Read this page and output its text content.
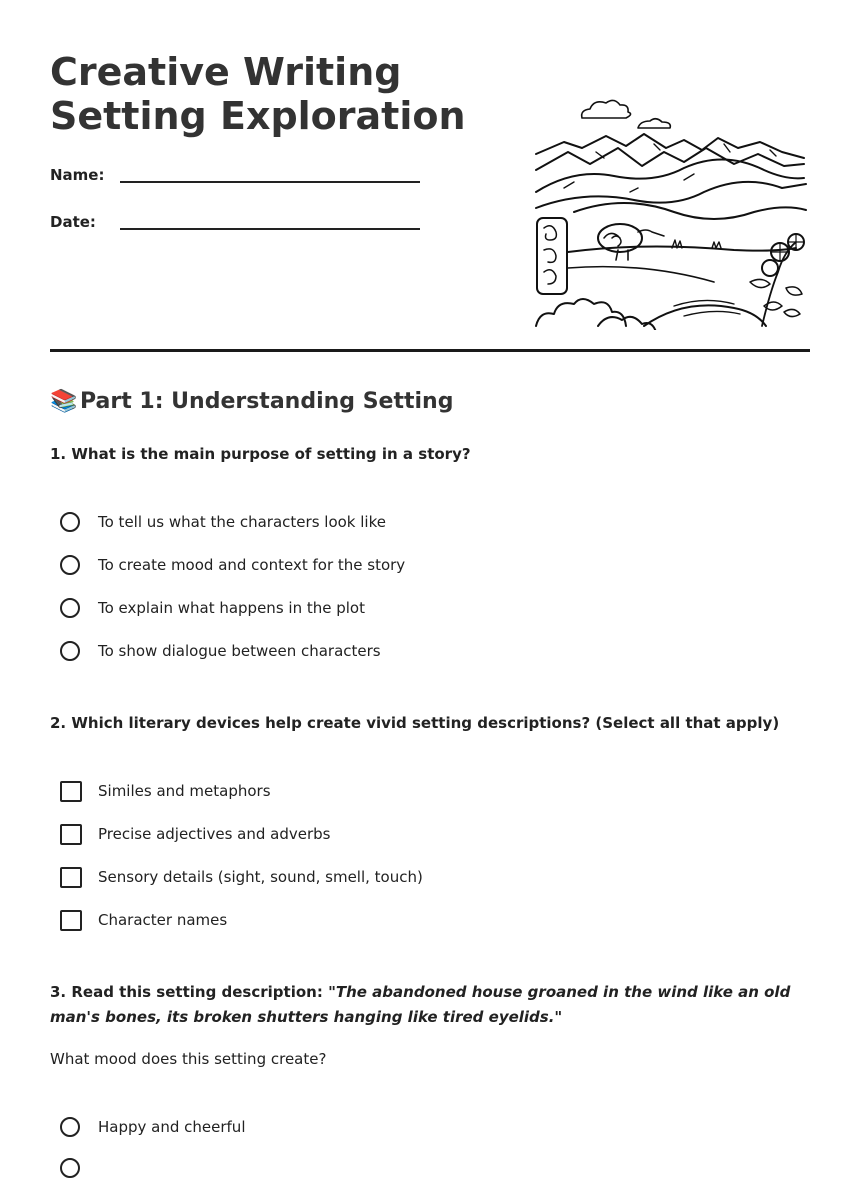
Creative Writing Setting Exploration
Name:
Date:
📚 Part 1: Understanding Setting
1. What is the main purpose of setting in a story?
To tell us what the characters look like
To create mood and context for the story
To explain what happens in the plot
To show dialogue between characters
2. Which literary devices help create vivid setting descriptions? (Select all that apply)
Similes and metaphors
Precise adjectives and adverbs
Sensory details (sight, sound, smell, touch)
Character names
3. Read this setting description: "The abandoned house groaned in the wind like an old man's bones, its broken shutters hanging like tired eyelids."
What mood does this setting create?
Happy and cheerful
